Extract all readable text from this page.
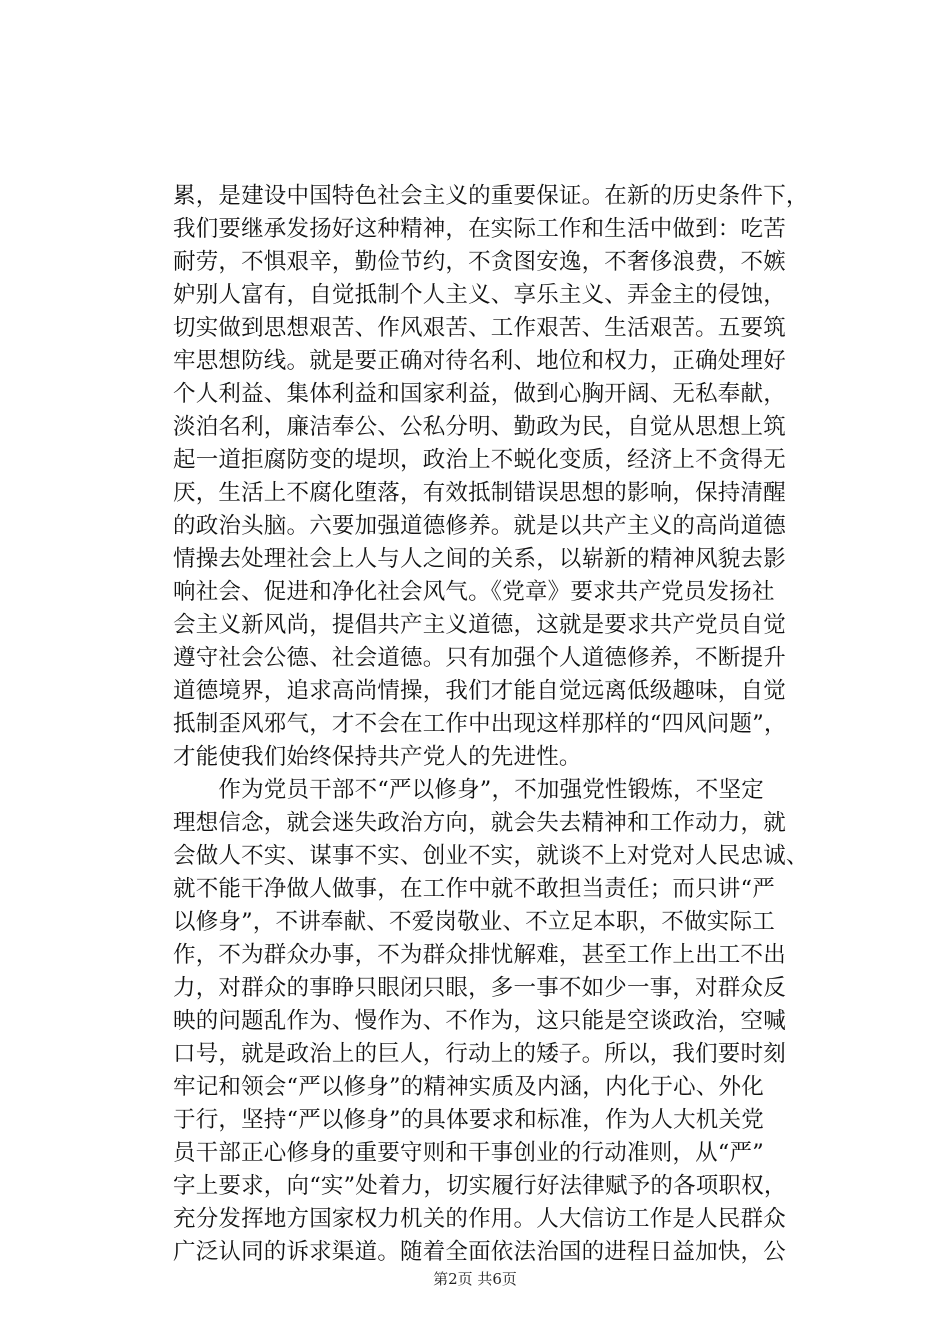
累，是建设中国特色社会主义的重要保证。在新的历史条件下，
我们要继承发扬好这种精神，在实际工作和生活中做到：吃苦
耐劳，不惧艰辛，勤俭节约，不贪图安逸，不奢侈浪费，不嫉
妒别人富有，自觉抵制个人主义、享乐主义、弄金主的侵蚀，
切实做到思想艰苦、作风艰苦、工作艰苦、生活艰苦。五要筑
牢思想防线。就是要正确对待名利、地位和权力，正确处理好
个人利益、集体利益和国家利益，做到心胸开阔、无私奉献，
淡泊名利，廉洁奉公、公私分明、勤政为民，自觉从思想上筑
起一道拒腐防变的堤坝，政治上不蜕化变质，经济上不贪得无
厌，生活上不腐化堕落，有效抵制错误思想的影响，保持清醒
的政治头脑。六要加强道德修养。就是以共产主义的高尚道德
情操去处理社会上人与人之间的关系，以崭新的精神风貌去影
响社会、促进和净化社会风气。《党章》要求共产党员发扬社
会主义新风尚，提倡共产主义道德，这就是要求共产党员自觉
遵守社会公德、社会道德。只有加强个人道德修养，不断提升
道德境界，追求高尚情操，我们才能自觉远离低级趣味，自觉
抵制歪风邪气，才不会在工作中出现这样那样的“四风问题”，
才能使我们始终保持共产党人的先进性。
　　作为党员干部不“严以修身”，不加强党性锻炼，不坚定
理想信念，就会迷失政治方向，就会失去精神和工作动力，就
会做人不实、谋事不实、创业不实，就谈不上对党对人民忠诚、
就不能干净做人做事，在工作中就不敢担当责任；而只讲“严
以修身”，不讲奉献、不爱岗敬业、不立足本职，不做实际工
作，不为群众办事，不为群众排忧解难，甚至工作上出工不出
力，对群众的事睁只眼闭只眼，多一事不如少一事，对群众反
映的问题乱作为、慢作为、不作为，这只能是空谈政治，空喊
口号，就是政治上的巨人，行动上的矮子。所以，我们要时刻
牢记和领会“严以修身”的精神实质及内涵，内化于心、外化
于行，坚持“严以修身”的具体要求和标准，作为人大机关党
员干部正心修身的重要守则和干事创业的行动准则，从“严”
字上要求，向“实”处着力，切实履行好法律赋予的各项职权，
充分发挥地方国家权力机关的作用。人大信访工作是人民群众
广泛认同的诉求渠道。随着全面依法治国的进程日益加快，公
第2页 共6页
